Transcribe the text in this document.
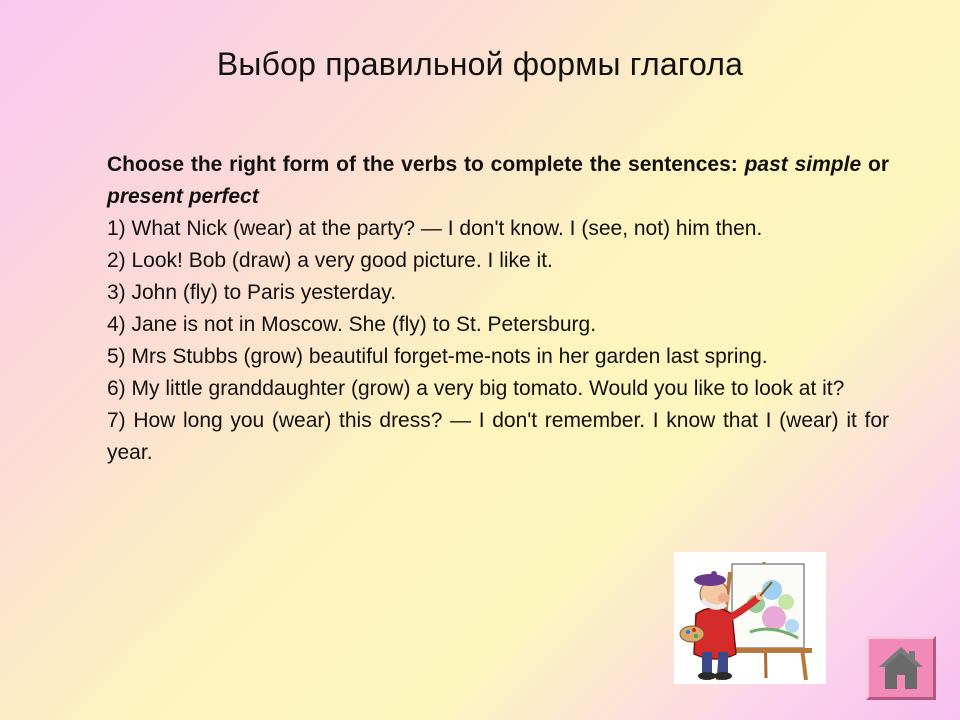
Выбор правильной формы глагола

Choose the right form of the verbs to complete the sentences: past simple or present perfect

1) What Nick (wear) at the party? — I don't know. I (see, not) him then.

2) Look! Bob (draw) a very good picture. I like it.

3) John (fly) to Paris yesterday.

4) Jane is not in Moscow. She (fly) to St. Petersburg.

5) Mrs Stubbs (grow) beautiful forget-me-nots in her garden last spring.

6) My little granddaughter (grow) a very big tomato. Would you like to look at it?

7) How long you (wear) this dress? — I don't remember. I know that I (wear) it for year.
